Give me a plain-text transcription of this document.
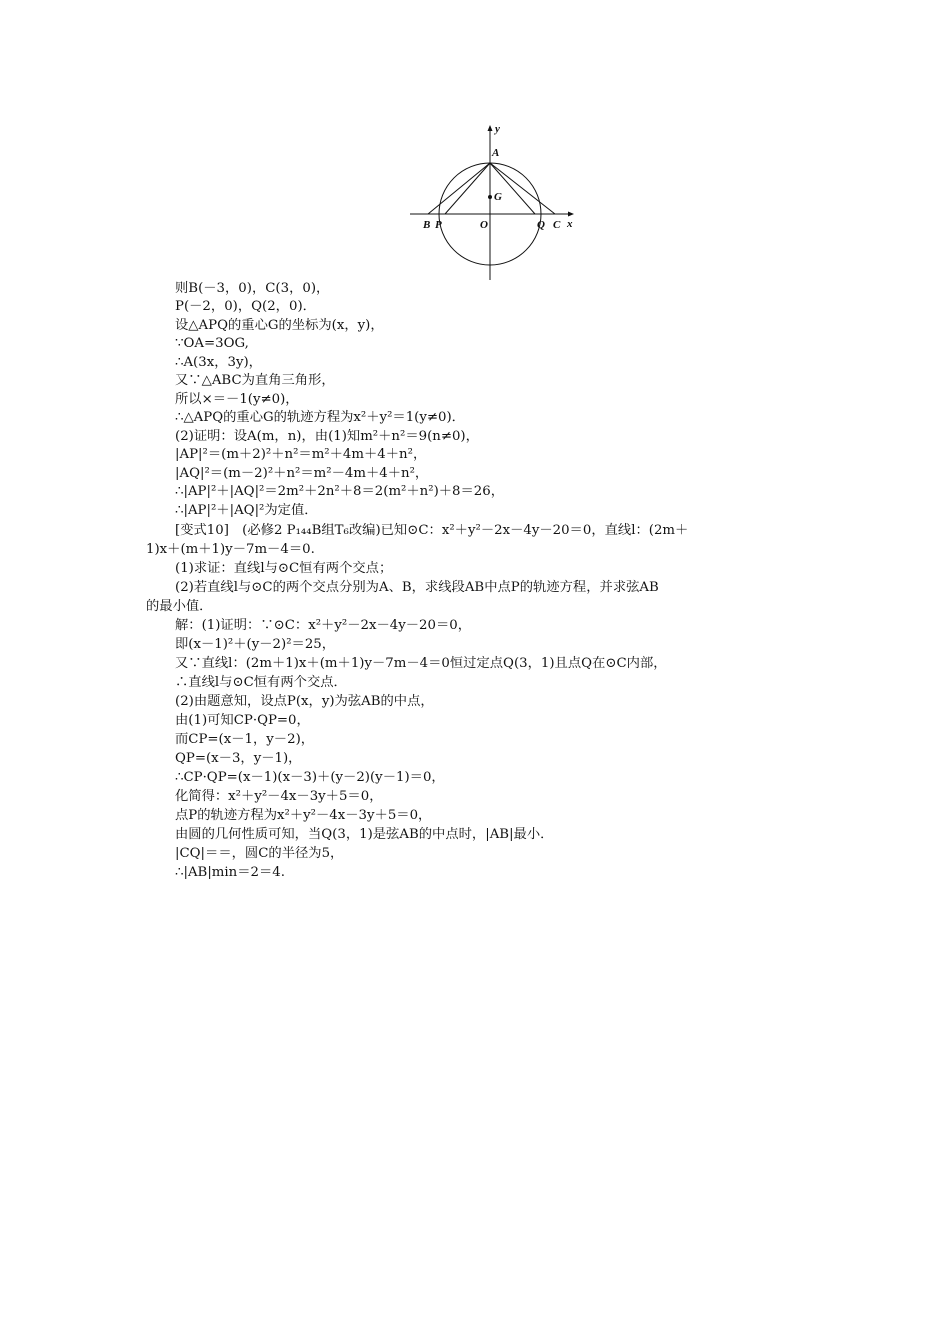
y
x
A
G
B P	O	Q C
则B(－3，0)，C(3，0)，
P(－2，0)，Q(2，0)．
设△APQ的重心G的坐标为(x，y)，
∵OA=3OG,
∴A(3x，3y)，
又∵△ABC为直角三角形，
所以×＝－1(y≠0)，
∴△APQ的重心G的轨迹方程为x²＋y²＝1(y≠0)．
(2)证明：设A(m，n)，由(1)知m²＋n²＝9(n≠0)，
|AP|²＝(m＋2)²＋n²＝m²＋4m＋4＋n²，
|AQ|²＝(m－2)²＋n²＝m²－4m＋4＋n²，
∴|AP|²＋|AQ|²＝2m²＋2n²＋8＝2(m²＋n²)＋8＝26，
∴|AP|²＋|AQ|²为定值．
[变式10]　(必修2 P₁₄₄B组T₆改编)已知⊙C：x²＋y²－2x－4y－20＝0，直线l：(2m＋
1)x＋(m＋1)y－7m－4＝0.
(1)求证：直线l与⊙C恒有两个交点；
(2)若直线l与⊙C的两个交点分别为A、B，求线段AB中点P的轨迹方程，并求弦AB
的最小值．
解：(1)证明：∵⊙C：x²＋y²－2x－4y－20＝0，
即(x－1)²＋(y－2)²＝25，
又∵直线l：(2m＋1)x＋(m＋1)y－7m－4＝0恒过定点Q(3，1)且点Q在⊙C内部，
∴直线l与⊙C恒有两个交点．
(2)由题意知，设点P(x，y)为弦AB的中点，
由(1)可知CP·QP=0，
而CP=(x－1，y－2)，
QP=(x－3，y－1)，
∴CP·QP=(x－1)(x－3)＋(y－2)(y－1)＝0，
化简得：x²＋y²－4x－3y＋5＝0，
点P的轨迹方程为x²＋y²－4x－3y＋5＝0，
由圆的几何性质可知，当Q(3，1)是弦AB的中点时，|AB|最小．
|CQ|＝＝，圆C的半径为5，
∴|AB|min＝2＝4.
